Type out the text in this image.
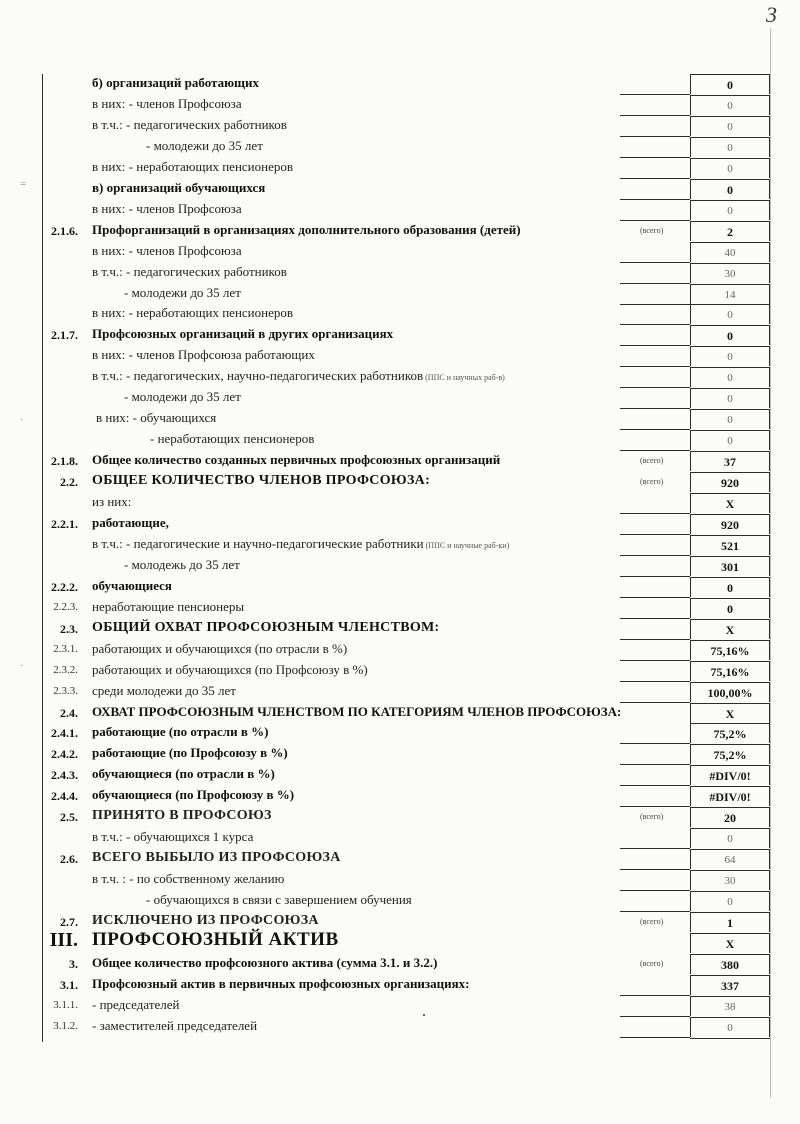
3
=
·
·
б) организаций работающих	0
в них: - членов Профсоюза	0
в т.ч.: - педагогических работников	0
- молодежи до 35 лет	0
в них: - неработающих пенсионеров	0
в) организаций обучающихся	0
в них: - членов Профсоюза	0
2.1.6. Профорганизаций в организациях дополнительного образования (детей)	(всего)	2
в них: - членов Профсоюза	40
в т.ч.: - педагогических работников	30
- молодежи до 35 лет	14
в них: - неработающих пенсионеров	0
2.1.7. Профсоюзных организаций в других организациях	0
в них: - членов Профсоюза работающих	0
в т.ч.: - педагогических, научно-педагогических работников (ППС и научных раб-в)	0
- молодежи до 35 лет	0
в них: - обучающихся	0
- неработающих пенсионеров	0
2.1.8. Общее количество созданных первичных профсоюзных организаций	(всего)	37
2.2. ОБЩЕЕ КОЛИЧЕСТВО ЧЛЕНОВ ПРОФСОЮЗА:	(всего)	920
из них:	X
2.2.1. работающие,	920
в т.ч.: - педагогические и научно-педагогические работники (ППС и научные раб-ки)	521
- молодежь до 35 лет	301
2.2.2. обучающиеся	0
2.2.3. неработающие пенсионеры	0
2.3. ОБЩИЙ ОХВАТ ПРОФСОЮЗНЫМ ЧЛЕНСТВОМ:	X
2.3.1. работающих и обучающихся (по отрасли в %)	75,16%
2.3.2. работающих и обучающихся (по Профсоюзу в %)	75,16%
2.3.3. среди молодежи до 35 лет	100,00%
2.4. ОХВАТ ПРОФСОЮЗНЫМ ЧЛЕНСТВОМ ПО КАТЕГОРИЯМ ЧЛЕНОВ ПРОФСОЮЗА:	X
2.4.1. работающие (по отрасли в %)	75,2%
2.4.2. работающие (по Профсоюзу в %)	75,2%
2.4.3. обучающиеся (по отрасли в %)	#DIV/0!
2.4.4. обучающиеся (по Профсоюзу в %)	#DIV/0!
2.5. ПРИНЯТО В ПРОФСОЮЗ	(всего)	20
в т.ч.: - обучающихся 1 курса	0
2.6. ВСЕГО ВЫБЫЛО ИЗ ПРОФСОЮЗА	64
в т.ч. : - по собственному желанию	30
- обучающихся в связи с завершением обучения	0
2.7. ИСКЛЮЧЕНО ИЗ ПРОФСОЮЗА	(всего)	1
III. ПРОФСОЮЗНЫЙ АКТИВ	X
3. Общее количество профсоюзного актива (сумма 3.1. и 3.2.)	(всего)	380
3.1. Профсоюзный актив в первичных профсоюзных организациях:	337
3.1.1. - председателей	38
3.1.2. - заместителей председателей	0
